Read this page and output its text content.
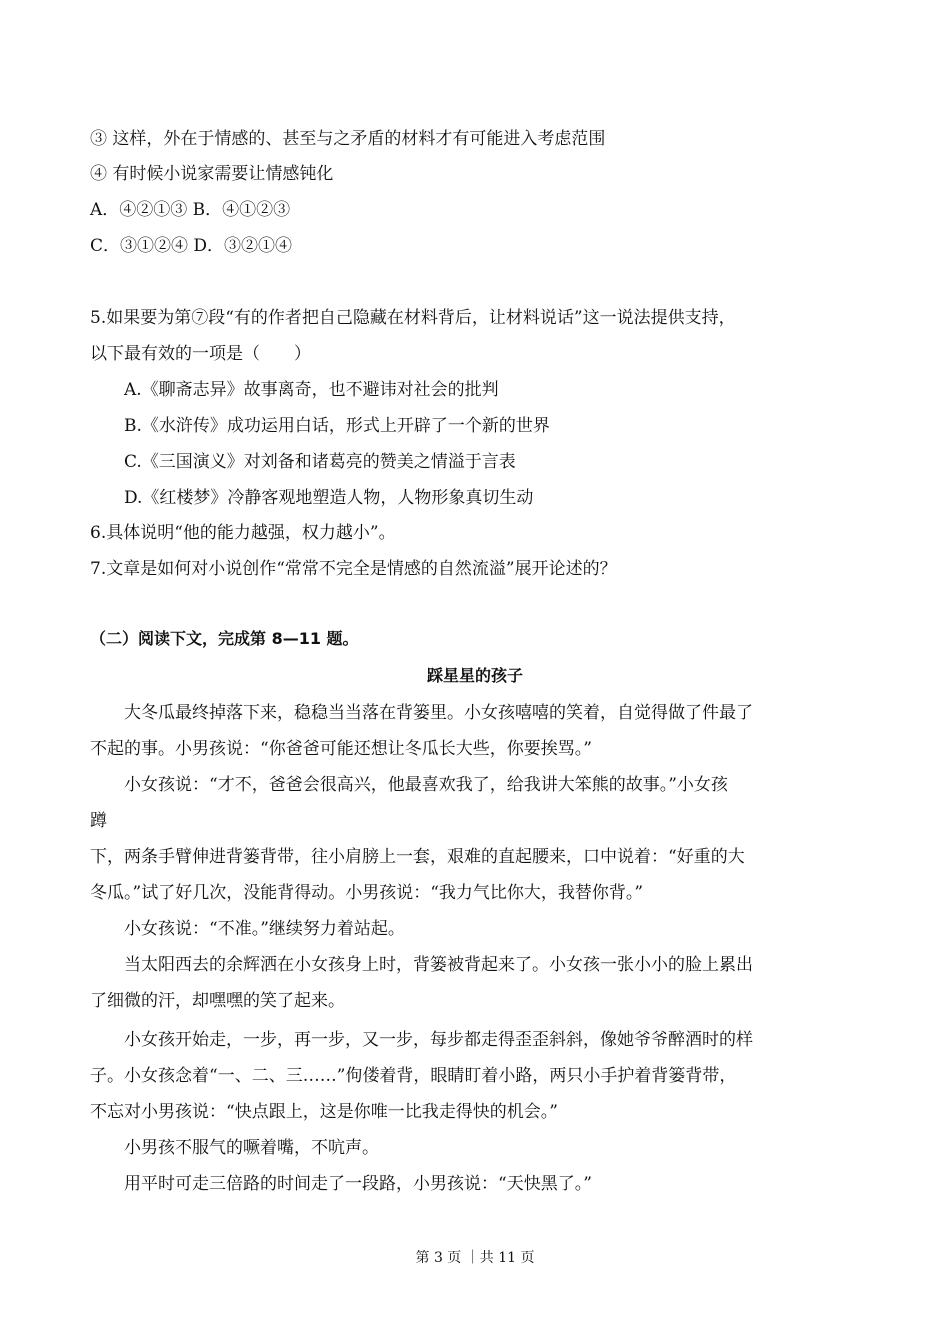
③ 这样，外在于情感的、甚至与之矛盾的材料才有可能进入考虑范围
④ 有时候小说家需要让情感钝化
A．④②①③ B．④①②③
C．③①②④ D．③②①④
5.如果要为第⑦段“有的作者把自己隐藏在材料背后，让材料说话”这一说法提供支持，
以下最有效的一项是（　　）
A.《聊斋志异》故事离奇，也不避讳对社会的批判
B.《水浒传》成功运用白话，形式上开辟了一个新的世界
C.《三国演义》对刘备和诸葛亮的赞美之情溢于言表
D.《红楼梦》冷静客观地塑造人物，人物形象真切生动
6.具体说明“他的能力越强，权力越小”。
7.文章是如何对小说创作“常常不完全是情感的自然流溢”展开论述的？
（二）阅读下文，完成第 8—11 题。
踩星星的孩子
大冬瓜最终掉落下来，稳稳当当落在背篓里。小女孩嘻嘻的笑着，自觉得做了件最了
不起的事。小男孩说：“你爸爸可能还想让冬瓜长大些，你要挨骂。”
小女孩说：“才不，爸爸会很高兴，他最喜欢我了，给我讲大笨熊的故事。”小女孩
蹲
下，两条手臂伸进背篓背带，往小肩膀上一套，艰难的直起腰来，口中说着：“好重的大
冬瓜。”试了好几次，没能背得动。小男孩说：“我力气比你大，我替你背。”
小女孩说：“不准。”继续努力着站起。
当太阳西去的余辉洒在小女孩身上时，背篓被背起来了。小女孩一张小小的脸上累出
了细微的汗，却嘿嘿的笑了起来。
小女孩开始走，一步，再一步，又一步，每步都走得歪歪斜斜，像她爷爷醉酒时的样
子。小女孩念着“一、二、三……”佝偻着背，眼睛盯着小路，两只小手护着背篓背带，
不忘对小男孩说：“快点跟上，这是你唯一比我走得快的机会。”
小男孩不服气的噘着嘴，不吭声。
用平时可走三倍路的时间走了一段路，小男孩说：“天快黑了。”
第 3 页 ｜共 11 页
